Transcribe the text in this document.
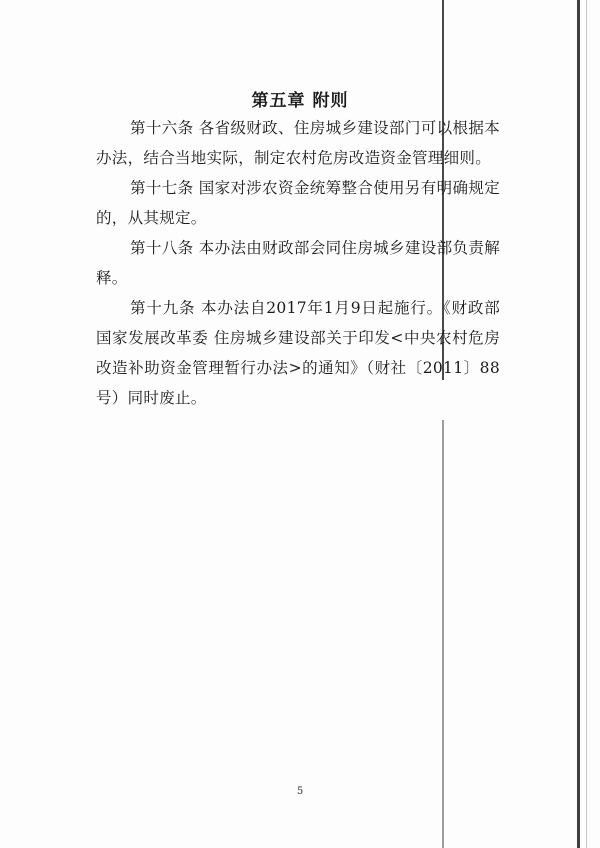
第五章 附则

第十六条 各省级财政、住房城乡建设部门可以根据本办法，结合当地实际，制定农村危房改造资金管理细则。

第十七条 国家对涉农资金统筹整合使用另有明确规定的，从其规定。

第十八条 本办法由财政部会同住房城乡建设部负责解释。

第十九条 本办法自2017年1月9日起施行。《财政部 国家发展改革委 住房城乡建设部关于印发<中央农村危房改造补助资金管理暂行办法>的通知》（财社〔2011〕88号）同时废止。

5
